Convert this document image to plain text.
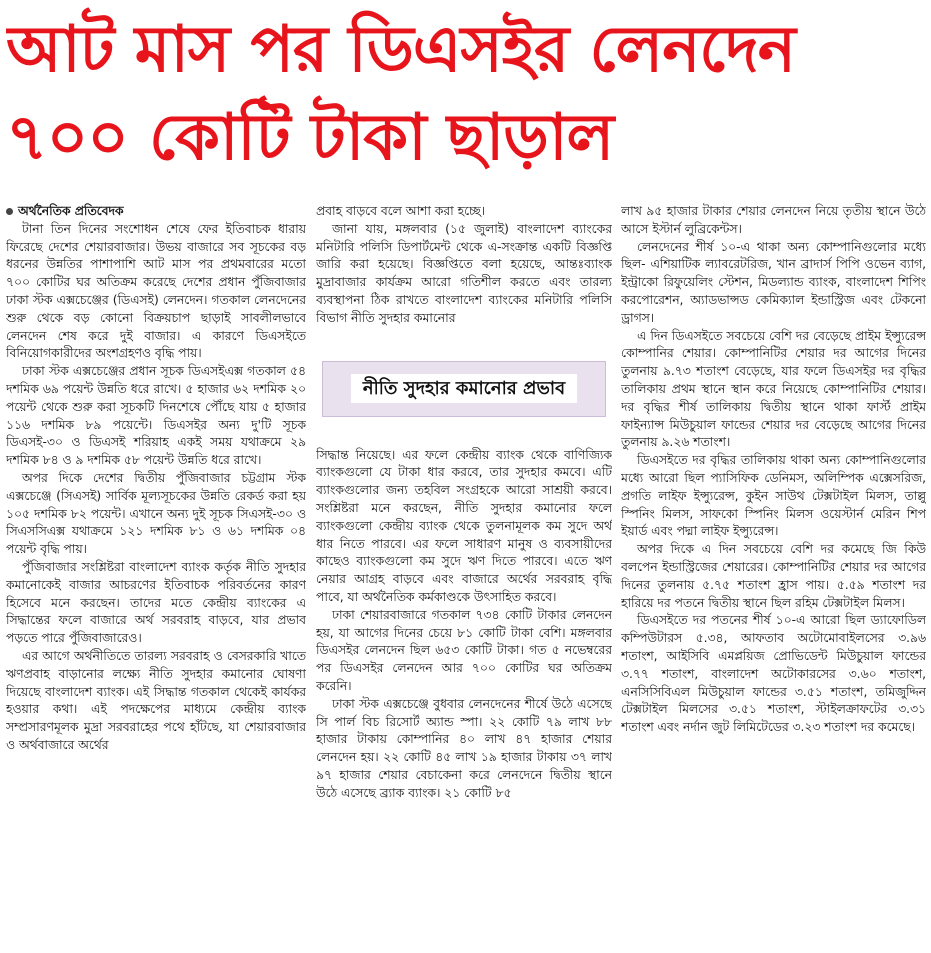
আট মাস পর ডিএসইর লেনদেন
৭০০ কোটি টাকা ছাড়াল

অর্থনৈতিক প্রতিবেদক

টানা তিন দিনের সংশোধন শেষে ফের ইতিবাচক ধারায় ফিরেছে দেশের শেয়ারবাজার। উভয় বাজারে সব সূচকের বড় ধরনের উন্নতির পাশাপাশি আট মাস পর প্রথমবারের মতো ৭০০ কোটির ঘর অতিক্রম করেছে দেশের প্রধান পুঁজিবাজার ঢাকা স্টক এক্সচেঞ্জের (ডিএসই) লেনদেন। গতকাল লেনদেনের শুরু থেকে বড় কোনো বিক্রয়চাপ ছাড়াই সাবলীলভাবে লেনদেন শেষ করে দুই বাজার। এ কারণে ডিএসইতে বিনিয়োগকারীদের অংশগ্রহণও বৃদ্ধি পায়।

ঢাকা স্টক এক্সচেঞ্জের প্রধান সূচক ডিএসইএক্স গতকাল ৫৪ দশমিক ৬৯ পয়েন্ট উন্নতি ধরে রাখে। ৫ হাজার ৬২ দশমিক ২০ পয়েন্ট থেকে শুরু করা সূচকটি দিনশেষে পৌঁছে যায় ৫ হাজার ১১৬ দশমিক ৮৯ পয়েন্টে। ডিএসইর অন্য দু'টি সূচক ডিএসই-৩০ ও ডিএসই শরিয়াহ একই সময় যথাক্রমে ২৯ দশমিক ৮৪ ও ৯ দশমিক ৫৮ পয়েন্ট উন্নতি ধরে রাখে।

অপর দিকে দেশের দ্বিতীয় পুঁজিবাজার চট্টগ্রাম স্টক এক্সচেঞ্জে (সিএসই) সার্বিক মূল্যসূচকের উন্নতি রেকর্ড করা হয় ১০৫ দশমিক ৮২ পয়েন্ট। এখানে অন্য দুই সূচক সিএসই-৩০ ও সিএসসিএক্স যথাক্রমে ১২১ দশমিক ৮১ ও ৬১ দশমিক ০৪ পয়েন্ট বৃদ্ধি পায়।

পুঁজিবাজার সংশ্লিষ্টরা বাংলাদেশ ব্যাংক কর্তৃক নীতি সুদহার কমানোকেই বাজার আচরণের ইতিবাচক পরিবর্তনের কারণ হিসেবে মনে করছেন। তাদের মতে কেন্দ্রীয় ব্যাংকের এ সিদ্ধান্তের ফলে বাজারে অর্থ সরবরাহ বাড়বে, যার প্রভাব পড়তে পারে পুঁজিবাজারেও।

এর আগে অর্থনীতিতে তারল্য সরবরাহ ও বেসরকারি খাতে ঋণপ্রবাহ বাড়ানোর লক্ষ্যে নীতি সুদহার কমানোর ঘোষণা দিয়েছে বাংলাদেশ ব্যাংক। এই সিদ্ধান্ত গতকাল থেকেই কার্যকর হওয়ার কথা। এই পদক্ষেপের মাধ্যমে কেন্দ্রীয় ব্যাংক সম্প্রসারণমূলক মুদ্রা সরবরাহের পথে হাঁটছে, যা শেয়ারবাজার ও অর্থবাজারে অর্থের

প্রবাহ বাড়বে বলে আশা করা হচ্ছে।

জানা যায়, মঙ্গলবার (১৫ জুলাই) বাংলাদেশ ব্যাংকের মনিটারি পলিসি ডিপার্টমেন্ট থেকে এ-সংক্রান্ত একটি বিজ্ঞপ্তি জারি করা হয়েছে। বিজ্ঞপ্তিতে বলা হয়েছে, আন্তঃব্যাংক মুদ্রাবাজার কার্যক্রম আরো গতিশীল করতে এবং তারল্য ব্যবস্থাপনা ঠিক রাখতে বাংলাদেশ ব্যাংকের মনিটারি পলিসি বিভাগ নীতি সুদহার কমানোর

নীতি সুদহার কমানোর প্রভাব

সিদ্ধান্ত নিয়েছে। এর ফলে কেন্দ্রীয় ব্যাংক থেকে বাণিজ্যিক ব্যাংকগুলো যে টাকা ধার করবে, তার সুদহার কমবে। এটি ব্যাংকগুলোর জন্য তহবিল সংগ্রহকে আরো সাশ্রয়ী করবে। সংশ্লিষ্টরা মনে করছেন, নীতি সুদহার কমানোর ফলে ব্যাংকগুলো কেন্দ্রীয় ব্যাংক থেকে তুলনামূলক কম সুদে অর্থ ধার নিতে পারবে। এর ফলে সাধারণ মানুষ ও ব্যবসায়ীদের কাছেও ব্যাংকগুলো কম সুদে ঋণ দিতে পারবে। এতে ঋণ নেয়ার আগ্রহ বাড়বে এবং বাজারে অর্থের সরবরাহ বৃদ্ধি পাবে, যা অর্থনৈতিক কর্মকাণ্ডকে উৎসাহিত করবে।

ঢাকা শেয়ারবাজারে গতকাল ৭৩৪ কোটি টাকার লেনদেন হয়, যা আগের দিনের চেয়ে ৮১ কোটি টাকা বেশি। মঙ্গলবার ডিএসইর লেনদেন ছিল ৬৫৩ কোটি টাকা। গত ৫ নভেম্বরের পর ডিএসইর লেনদেন আর ৭০০ কোটির ঘর অতিক্রম করেনি।

ঢাকা স্টক এক্সচেঞ্জে বুধবার লেনদেনের শীর্ষে উঠে এসেছে সি পার্ল বিচ রিসোর্ট অ্যান্ড স্পা। ২২ কোটি ৭৯ লাখ ৮৮ হাজার টাকায় কোম্পানির ৪০ লাখ ৪৭ হাজার শেয়ার লেনদেন হয়। ২২ কোটি ৪৫ লাখ ১৯ হাজার টাকায় ৩৭ লাখ ৯৭ হাজার শেয়ার বেচাকেনা করে লেনদেনে দ্বিতীয় স্থানে উঠে এসেছে ব্র্যাক ব্যাংক। ২১ কোটি ৮৫

লাখ ৯৫ হাজার টাকার শেয়ার লেনদেন নিয়ে তৃতীয় স্থানে উঠে আসে ইস্টার্ন লুব্রিকেন্টস।

লেনদেনের শীর্ষ ১০-এ থাকা অন্য কোম্পানিগুলোর মধ্যে ছিল- এশিয়াটিক ল্যাবরেটরিজ, খান ব্রাদার্স পিপি ওভেন ব্যাগ, ইন্ট্রাকো রিফুয়েলিং স্টেশন, মিডল্যান্ড ব্যাংক, বাংলাদেশ শিপিং করপোরেশন, অ্যাডভান্সড কেমিক্যাল ইন্ডাস্ট্রিজ এবং টেকনো ড্রাগস।

এ দিন ডিএসইতে সবচেয়ে বেশি দর বেড়েছে প্রাইম ইন্স্যুরেন্স কোম্পানির শেয়ার। কোম্পানিটির শেয়ার দর আগের দিনের তুলনায় ৯.৭৩ শতাংশ বেড়েছে, যার ফলে ডিএসইর দর বৃদ্ধির তালিকায় প্রথম স্থানে স্থান করে নিয়েছে কোম্পানিটির শেয়ার। দর বৃদ্ধির শীর্ষ তালিকায় দ্বিতীয় স্থানে থাকা ফার্স্ট প্রাইম ফাইন্যান্স মিউচুয়াল ফান্ডের শেয়ার দর বেড়েছে আগের দিনের তুলনায় ৯.২৬ শতাংশ।

ডিএসইতে দর বৃদ্ধির তালিকায় থাকা অন্য কোম্পানিগুলোর মধ্যে আরো ছিল প্যাসিফিক ডেনিমস, অলিম্পিক এক্সেসরিজ, প্রগতি লাইফ ইন্স্যুরেন্স, কুইন সাউথ টেক্সটাইল মিলস, তাল্লু স্পিনিং মিলস, সাফকো স্পিনিং মিলস ওয়েস্টার্ন মেরিন শিপ ইয়ার্ড এবং পদ্মা লাইফ ইন্স্যুরেন্স।

অপর দিকে এ দিন সবচেয়ে বেশি দর কমেছে জি কিউ বলপেন ইন্ডাস্ট্রিজের শেয়ারের। কোম্পানিটির শেয়ার দর আগের দিনের তুলনায় ৫.৭৫ শতাংশ হ্রাস পায়। ৫.৫৯ শতাংশ দর হারিয়ে দর পতনে দ্বিতীয় স্থানে ছিল রহিম টেক্সটাইল মিলস।

ডিএসইতে দর পতনের শীর্ষ ১০-এ আরো ছিল ড্যাফোডিল কম্পিউটারস ৫.৩৪, আফতাব অটোমোবাইলসের ৩.৯৬ শতাংশ, আইসিবি এমপ্লয়িজ প্রোভিডেন্ট মিউচুয়াল ফান্ডের ৩.৭৭ শতাংশ, বাংলাদেশ অটোকারসের ৩.৬০ শতাংশ, এনসিসিবিএল মিউচুয়াল ফান্ডের ৩.৫১ শতাংশ, তমিজুদ্দিন টেক্সটাইল মিলসের ৩.৫১ শতাংশ, স্টাইলক্রাফটের ৩.৩১ শতাংশ এবং নর্দান জুট লিমিটেডের ৩.২৩ শতাংশ দর কমেছে।
